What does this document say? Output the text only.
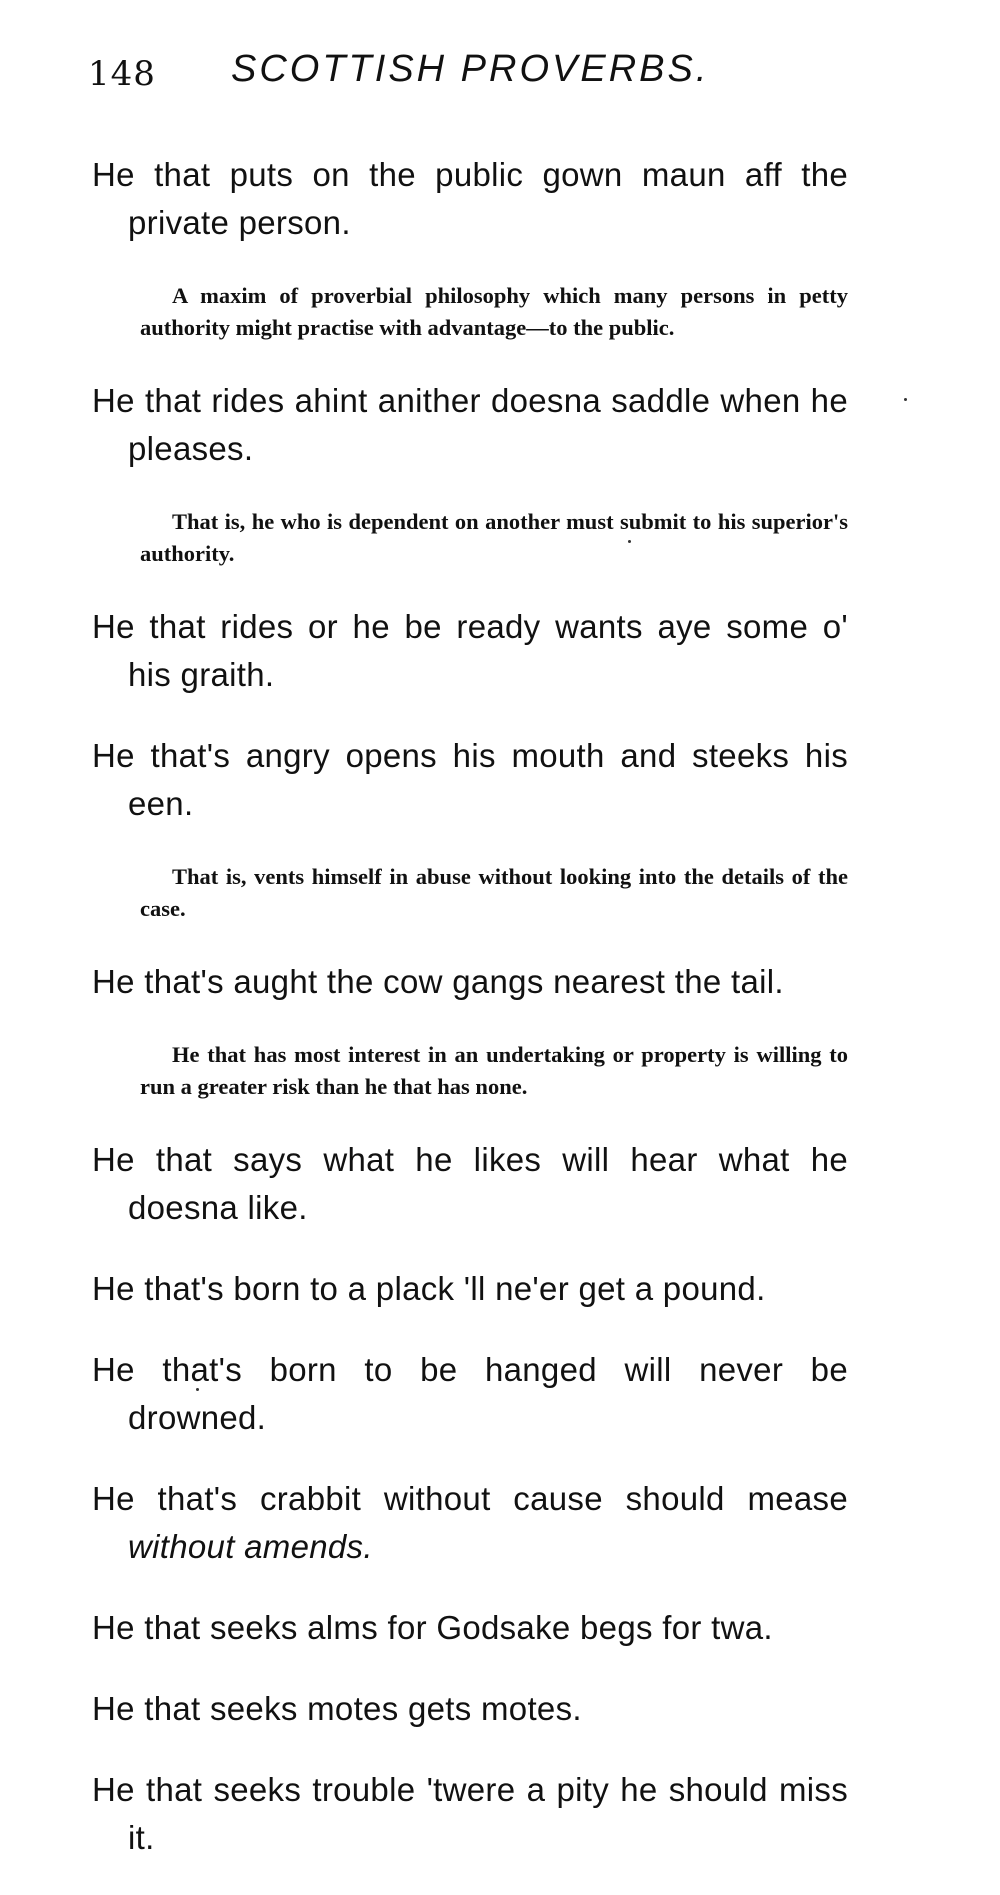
148 SCOTTISH PROVERBS.

He that puts on the public gown maun aff the private person.

A maxim of proverbial philosophy which many persons in petty authority might practise with advantage—to the public.

He that rides ahint anither doesna saddle when he pleases.

That is, he who is dependent on another must submit to his superior's authority.

He that rides or he be ready wants aye some o' his graith.

He that's angry opens his mouth and steeks his een.

That is, vents himself in abuse without looking into the details of the case.

He that's aught the cow gangs nearest the tail.

He that has most interest in an undertaking or property is willing to run a greater risk than he that has none.

He that says what he likes will hear what he doesna like.

He that's born to a plack 'll ne'er get a pound.

He that's born to be hanged will never be drowned.

He that's crabbit without cause should mease without amends.

He that seeks alms for Godsake begs for twa.

He that seeks motes gets motes.

He that seeks trouble 'twere a pity he should miss it.
